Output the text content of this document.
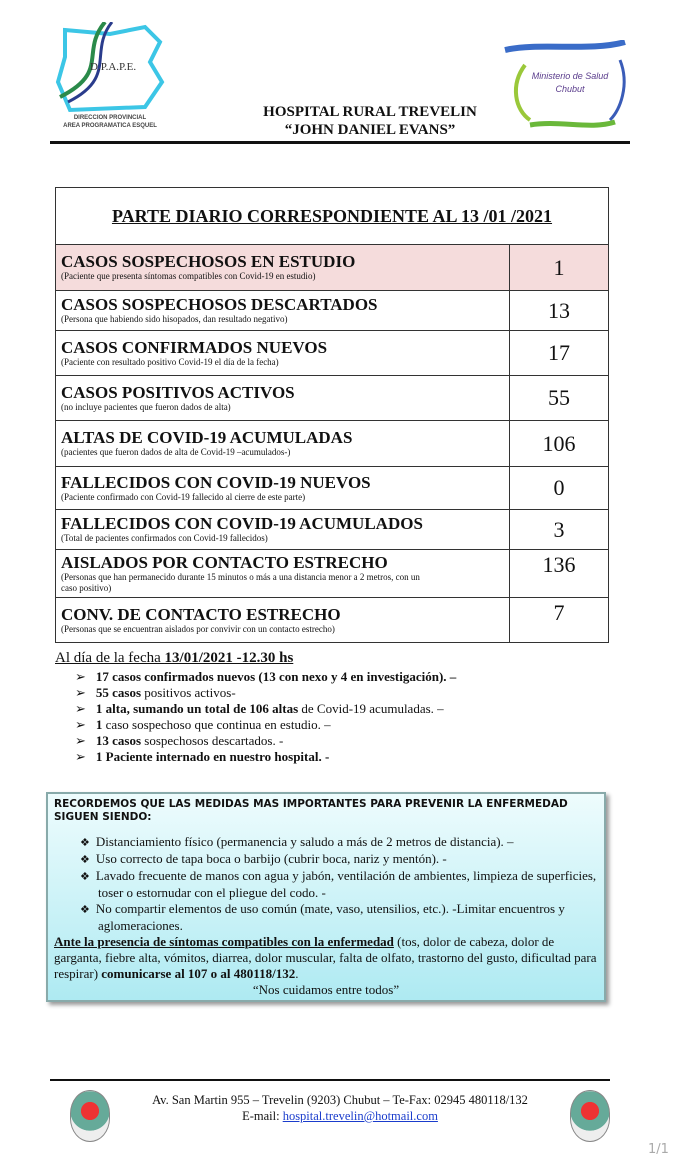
D.P.A.P.E.
DIRECCION PROVINCIAL
AREA PROGRAMATICA ESQUEL
Ministerio de Salud
Chubut
HOSPITAL RURAL TREVELIN
“JOHN DANIEL EVANS”
PARTE DIARIO CORRESPONDIENTE AL 13 /01 /2021	

CASOS SOSPECHOSOS EN ESTUDIO
(Paciente que presenta síntomas compatibles con Covid-19 en estudio)	1

CASOS SOSPECHOSOS DESCARTADOS
(Persona que habiendo sido hisopados, dan resultado negativo)	13

CASOS CONFIRMADOS NUEVOS
(Paciente con resultado positivo Covid-19 el día de la fecha)	17

CASOS POSITIVOS ACTIVOS
(no incluye pacientes que fueron dados de alta)	55

ALTAS DE COVID-19 ACUMULADAS
(pacientes que fueron dados de alta de Covid-19 –acumulados-)	106

FALLECIDOS CON COVID-19 NUEVOS
(Paciente confirmado con Covid-19 fallecido al cierre de este parte)	0

FALLECIDOS CON COVID-19 ACUMULADOS
(Total de pacientes confirmados con Covid-19 fallecidos)	3

AISLADOS POR CONTACTO ESTRECHO
(Personas que han permanecido durante 15 minutos o más a una distancia menor a 2 metros, con un caso positivo)	136

CONV. DE CONTACTO ESTRECHO
(Personas que se encuentran aislados por convivir con un contacto estrecho)	7
Al día de la fecha 13/01/2021 -12.30 hs
➢ 17 casos confirmados nuevos (13 con nexo y 4 en investigación). –
➢ 55 casos positivos activos-
➢ 1 alta, sumando un total de 106 altas de Covid-19 acumuladas. –
➢ 1 caso sospechoso que continua en estudio. –
➢ 13 casos sospechosos descartados. -
➢ 1 Paciente internado en nuestro hospital. -
RECORDEMOS QUE LAS MEDIDAS MAS IMPORTANTES PARA PREVENIR LA ENFERMEDAD SIGUEN SIENDO:
❖ Distanciamiento físico (permanencia y saludo a más de 2 metros de distancia). –
❖ Uso correcto de tapa boca o barbijo (cubrir boca, nariz y mentón). -
❖ Lavado frecuente de manos con agua y jabón, ventilación de ambientes, limpieza de superficies, toser o estornudar con el pliegue del codo. -
❖ No compartir elementos de uso común (mate, vaso, utensilios, etc.). -Limitar encuentros y aglomeraciones.
Ante la presencia de síntomas compatibles con la enfermedad (tos, dolor de cabeza, dolor de garganta, fiebre alta, vómitos, diarrea, dolor muscular, falta de olfato, trastorno del gusto, dificultad para respirar) comunicarse al 107 o al 480118/132.
“Nos cuidamos entre todos”
Av. San Martin 955 – Trevelin (9203) Chubut – Te-Fax: 02945 480118/132
E-mail: hospital.trevelin@hotmail.com
1/1
